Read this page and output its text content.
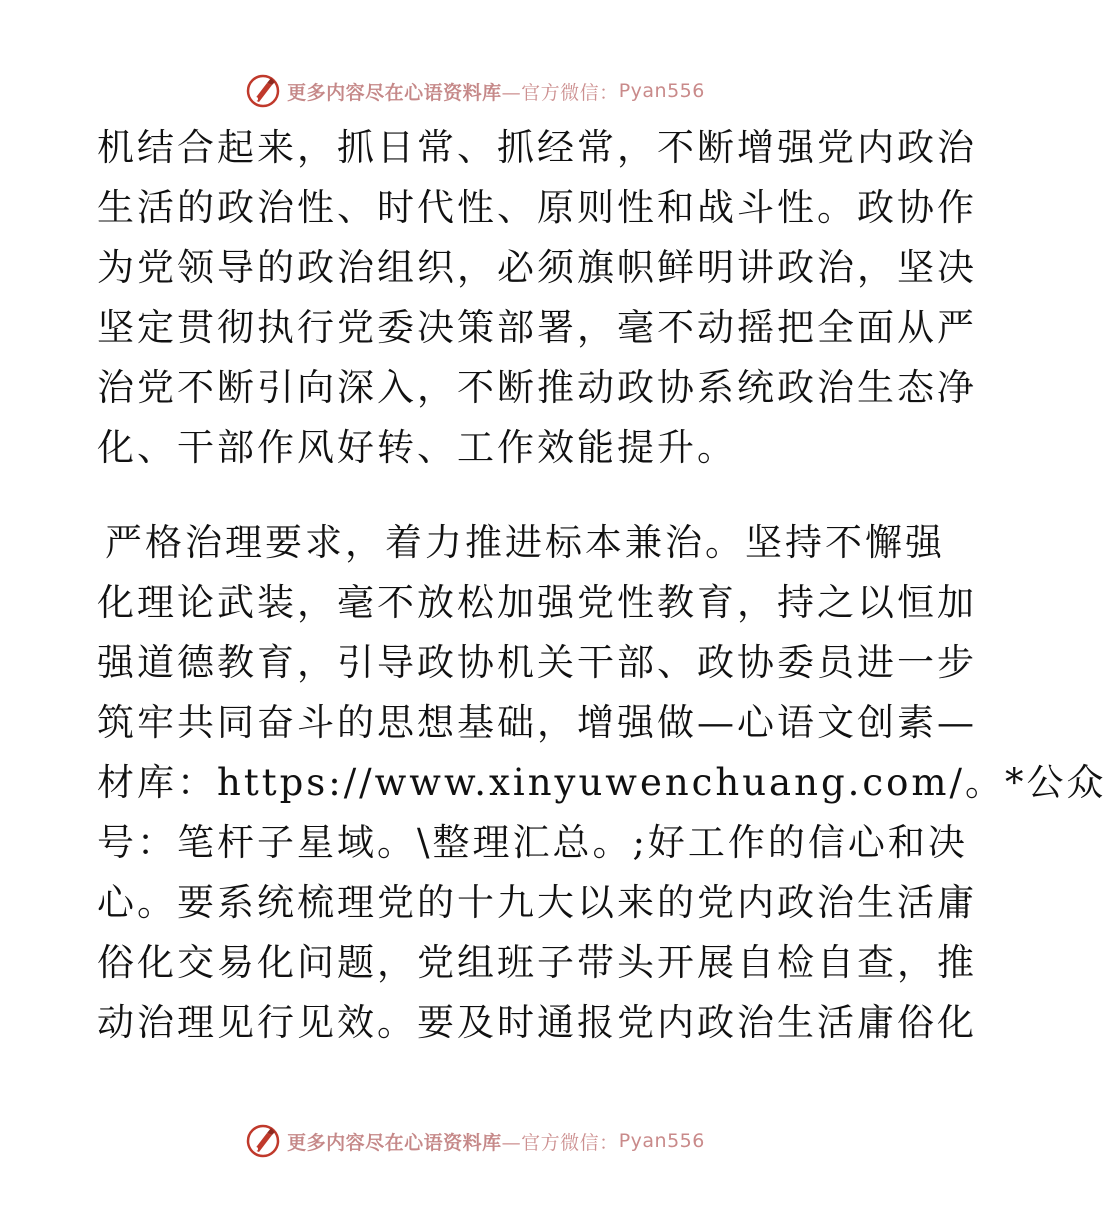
更多内容尽在心语资料库 —官方微信： Pyan556
机结合起来，抓日常、抓经常，不断增强党内政治
生活的政治性、时代性、原则性和战斗性。政协作
为党领导的政治组织，必须旗帜鲜明讲政治，坚决
坚定贯彻执行党委决策部署，毫不动摇把全面从严
治党不断引向深入，不断推动政协系统政治生态净
化、干部作风好转、工作效能提升。
严格治理要求，着力推进标本兼治。坚持不懈强
化理论武装，毫不放松加强党性教育，持之以恒加
强道德教育，引导政协机关干部、政协委员进一步
筑牢共同奋斗的思想基础，增强做—心语文创素—
材库：https://www.xinyuwenchuang.com/。*公众
号：笔杆子星域。\整理汇总。;好工作的信心和决
心。要系统梳理党的十九大以来的党内政治生活庸
俗化交易化问题，党组班子带头开展自检自查，推
动治理见行见效。要及时通报党内政治生活庸俗化
更多内容尽在心语资料库 —官方微信： Pyan556
